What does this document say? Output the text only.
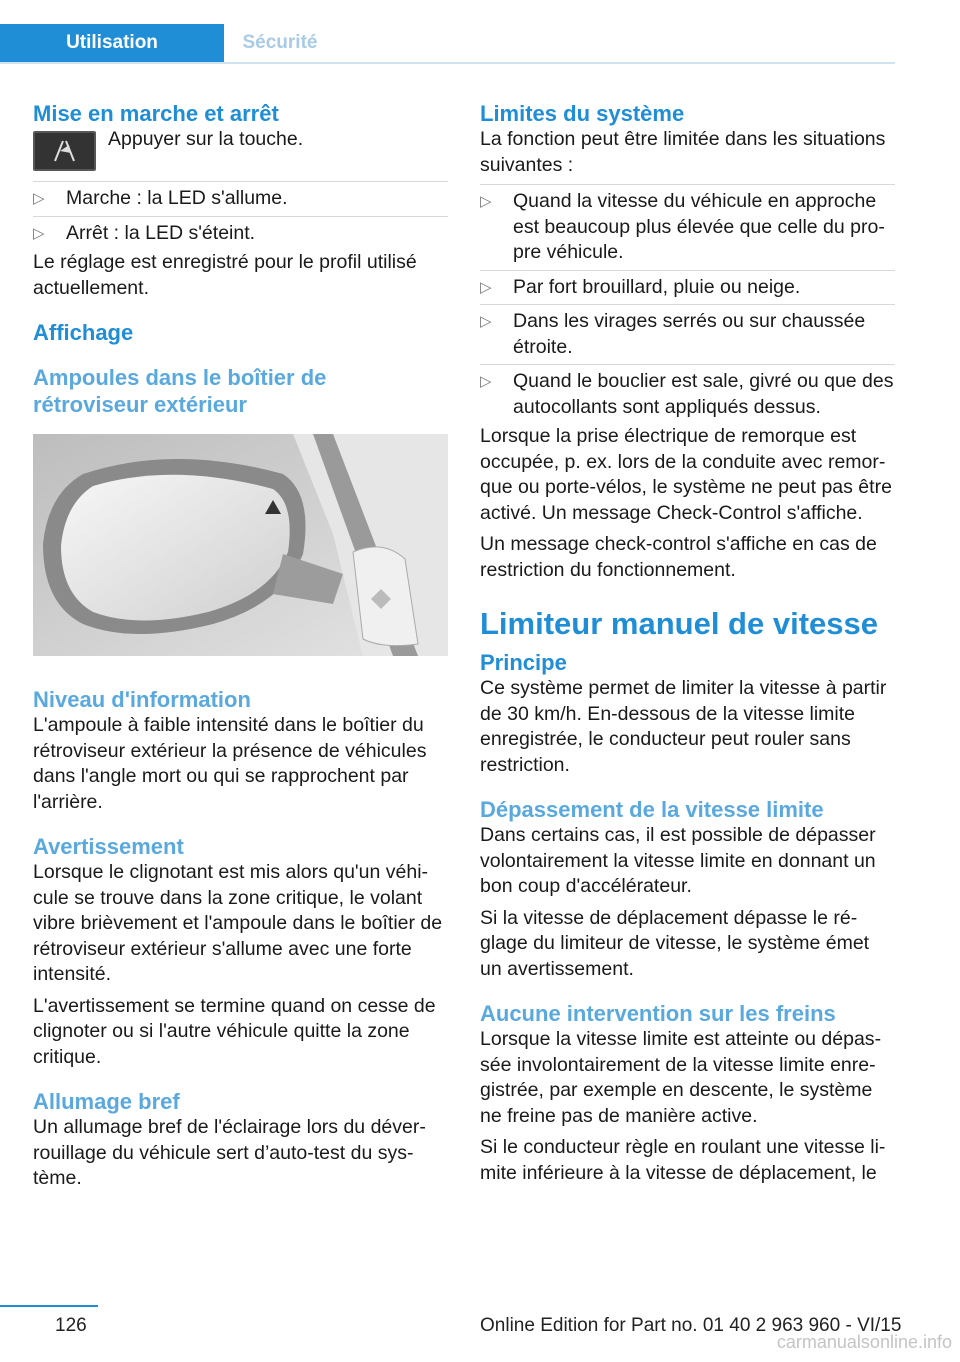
Utilisation	Sécurité
Mise en marche et arrêt

Appuyer sur la touche.

▷ Marche : la LED s'allume.
▷ Arrêt : la LED s'éteint.

Le réglage est enregistré pour le profil utilisé actuellement.

Affichage
Ampoules dans le boîtier de rétroviseur extérieur
Niveau d'information

L'ampoule à faible intensité dans le boîtier du rétroviseur extérieur la présence de véhicules dans l'angle mort ou qui se rapprochent par l'arrière.

Avertissement

Lorsque le clignotant est mis alors qu'un véhicule se trouve dans la zone critique, le volant vibre brièvement et l'ampoule dans le boîtier de rétroviseur extérieur s'allume avec une forte intensité.

L'avertissement se termine quand on cesse de clignoter ou si l'autre véhicule quitte la zone critique.

Allumage bref

Un allumage bref de l'éclairage lors du déverrouillage du véhicule sert d’auto-test du système.

Limites du système

La fonction peut être limitée dans les situations suivantes :

▷ Quand la vitesse du véhicule en approche est beaucoup plus élevée que celle du propre véhicule.
▷ Par fort brouillard, pluie ou neige.
▷ Dans les virages serrés ou sur chaussée étroite.
▷ Quand le bouclier est sale, givré ou que des autocollants sont appliqués dessus.

Lorsque la prise électrique de remorque est occupée, p. ex. lors de la conduite avec remorque ou porte-vélos, le système ne peut pas être activé. Un message Check-Control s'affiche.

Un message check-control s'affiche en cas de restriction du fonctionnement.

Limiteur manuel de vitesse
Principe

Ce système permet de limiter la vitesse à partir de 30 km/h. En-dessous de la vitesse limite enregistrée, le conducteur peut rouler sans restriction.

Dépassement de la vitesse limite

Dans certains cas, il est possible de dépasser volontairement la vitesse limite en donnant un bon coup d'accélérateur.

Si la vitesse de déplacement dépasse le réglage du limiteur de vitesse, le système émet un avertissement.

Aucune intervention sur les freins

Lorsque la vitesse limite est atteinte ou dépassée involontairement de la vitesse limite enregistrée, par exemple en descente, le système ne freine pas de manière active.

Si le conducteur règle en roulant une vitesse limite inférieure à la vitesse de déplacement, le

126	Online Edition for Part no. 01 40 2 963 960 - VI/15
carmanualsonline.info
